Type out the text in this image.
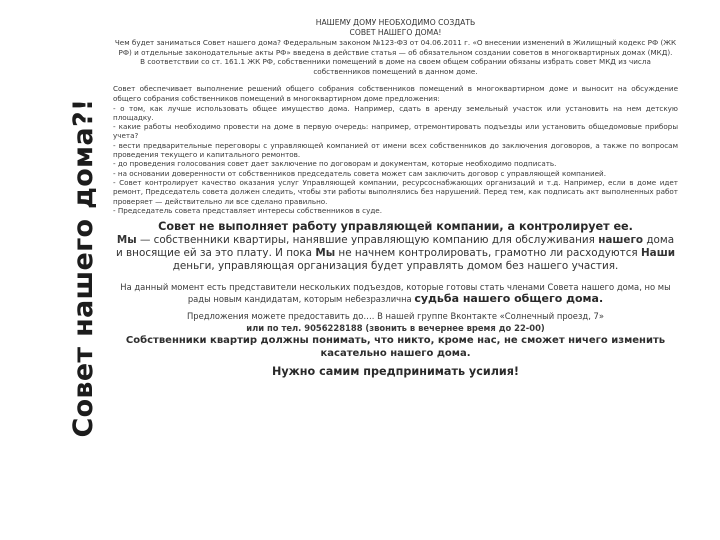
Совет нашего дома?!

НАШЕМУ ДОМУ НЕОБХОДИМО СОЗДАТЬ

СОВЕТ НАШЕГО ДОМА!

Чем будет заниматься Совет нашего дома? Федеральным законом №123-ФЗ от 04.06.2011 г. «О внесении изменений в Жилищный кодекс РФ (ЖК РФ) и отдельные законодательные акты РФ» введена в действие статья — об обязательном создании советов в многоквартирных домах (МКД).

В соответствии со ст. 161.1 ЖК РФ, собственники помещений в доме на своем общем собрании обязаны избрать совет МКД из числа собственников помещений в данном доме.

Совет обеспечивает выполнение решений общего собрания собственников помещений в многоквартирном доме и выносит на обсуждение общего собрания собственников помещений в многоквартирном доме предложения:

- о том, как лучше использовать общее имущество дома. Например, сдать в аренду земельный участок или установить на нем детскую площадку.
- какие работы необходимо провести на доме в первую очередь: например, отремонтировать подъезды или установить общедомовые приборы учета?
- вести предварительные переговоры с управляющей компанией от имени всех собственников до заключения договоров, а также по вопросам проведения текущего и капитального ремонтов.
- до проведения голосования совет дает заключение по договорам и документам, которые необходимо подписать.
- на основании доверенности от собственников председатель совета может сам заключить договор с управляющей компанией.
- Совет контролирует качество оказания услуг Управляющей компании, ресурсоснабжающих организаций и т.д. Например, если в доме идет ремонт, Председатель совета должен следить, чтобы эти работы выполнялись без нарушений. Перед тем, как подписать акт выполненных работ проверяет — действительно ли все сделано правильно.
- Председатель совета представляет интересы собственников в суде.

Совет не выполняет работу управляющей компании, а контролирует ее.

Мы — собственники квартиры, нанявшие управляющую компанию для обслуживания нашего дома и вносящие ей за это плату. И пока Мы не начнем контролировать, грамотно ли расходуются Наши деньги, управляющая организация будет управлять домом без нашего участия.

На данный момент есть представители нескольких подъездов, которые готовы стать членами Совета нашего дома, но мы рады новым кандидатам, которым небезразлична судьба нашего общего дома.

Предложения можете предоставить до…. В нашей группе Вконтакте «Солнечный проезд, 7»

или по тел. 9056228188 (звонить в вечернее время до 22-00)

Собственники квартир должны понимать, что никто, кроме нас, не сможет ничего изменить касательно нашего дома.

Нужно самим предпринимать усилия!
